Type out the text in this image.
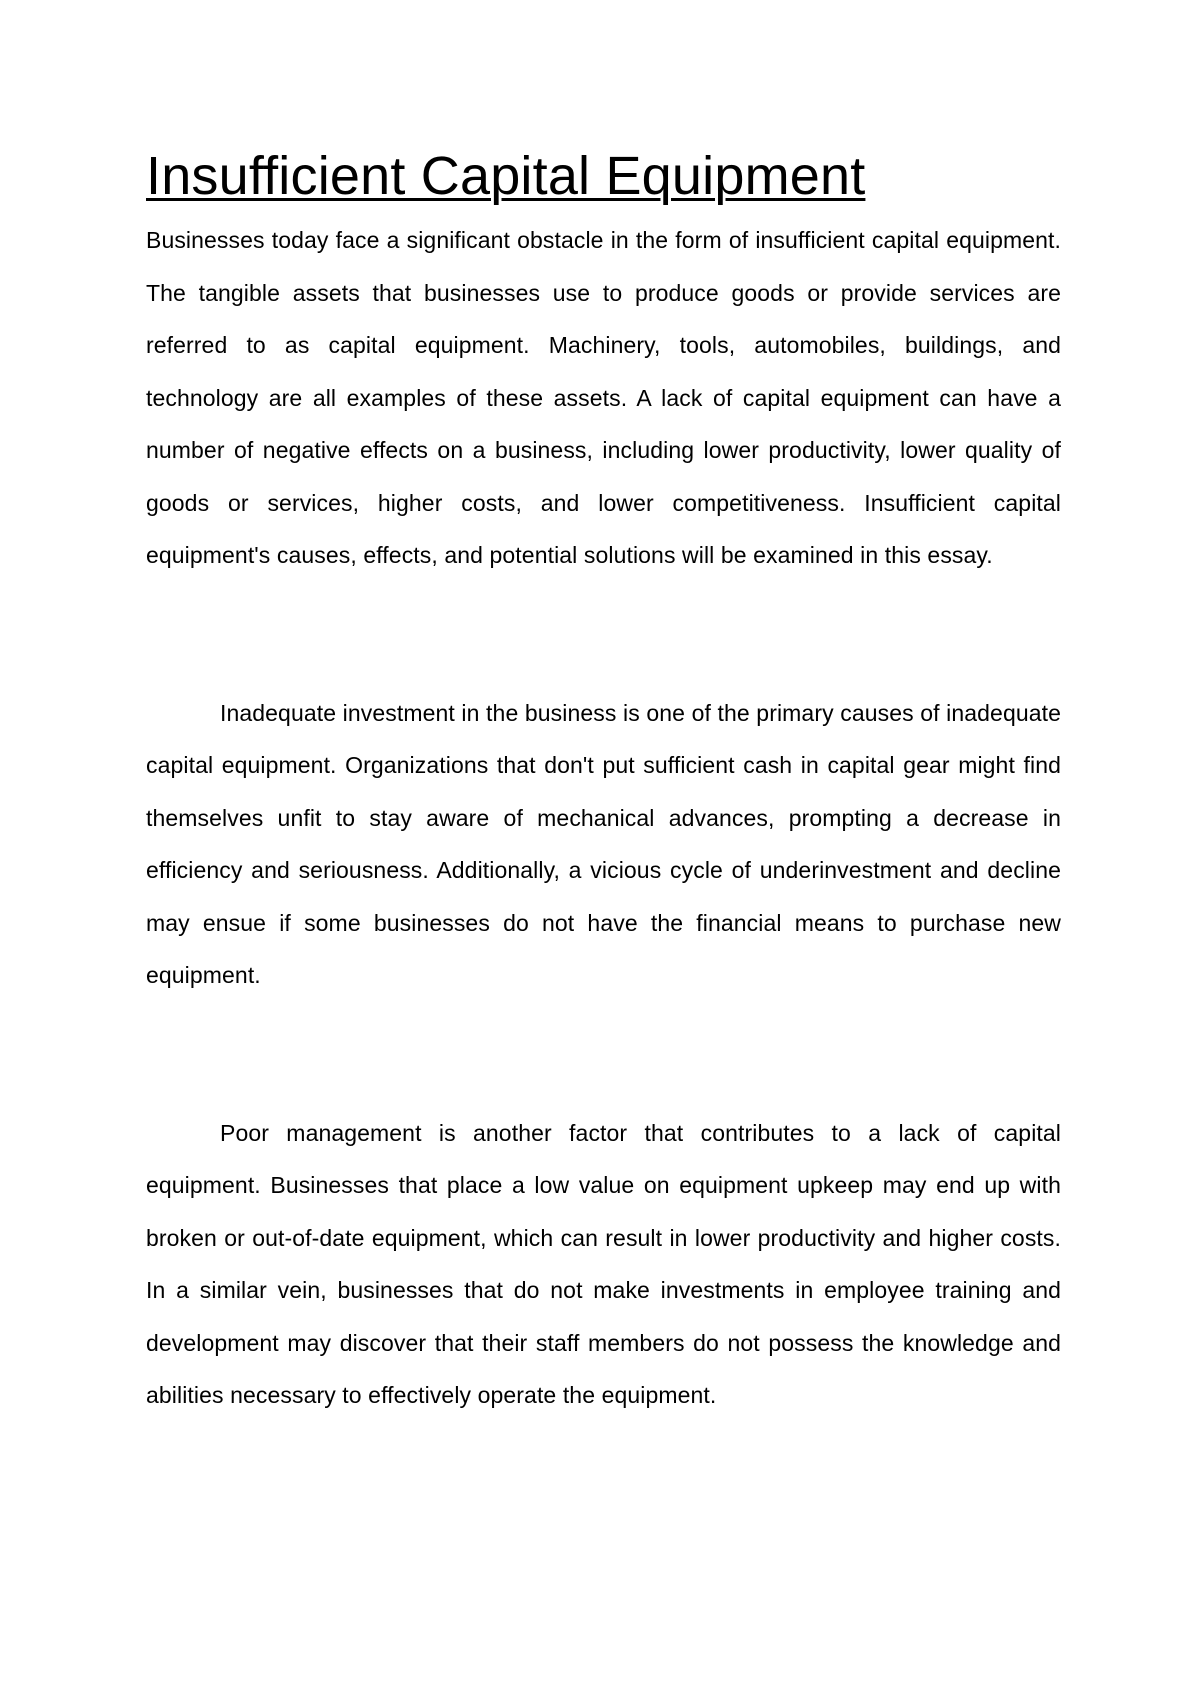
Insufficient Capital Equipment

Businesses today face a significant obstacle in the form of insufficient capital equipment. The tangible assets that businesses use to produce goods or provide services are referred to as capital equipment. Machinery, tools, automobiles, buildings, and technology are all examples of these assets. A lack of capital equipment can have a number of negative effects on a business, including lower productivity, lower quality of goods or services, higher costs, and lower competitiveness. Insufficient capital equipment's causes, effects, and potential solutions will be examined in this essay.

Inadequate investment in the business is one of the primary causes of inadequate capital equipment. Organizations that don't put sufficient cash in capital gear might find themselves unfit to stay aware of mechanical advances, prompting a decrease in efficiency and seriousness. Additionally, a vicious cycle of underinvestment and decline may ensue if some businesses do not have the financial means to purchase new equipment.

Poor management is another factor that contributes to a lack of capital equipment. Businesses that place a low value on equipment upkeep may end up with broken or out-of-date equipment, which can result in lower productivity and higher costs. In a similar vein, businesses that do not make investments in employee training and development may discover that their staff members do not possess the knowledge and abilities necessary to effectively operate the equipment.
